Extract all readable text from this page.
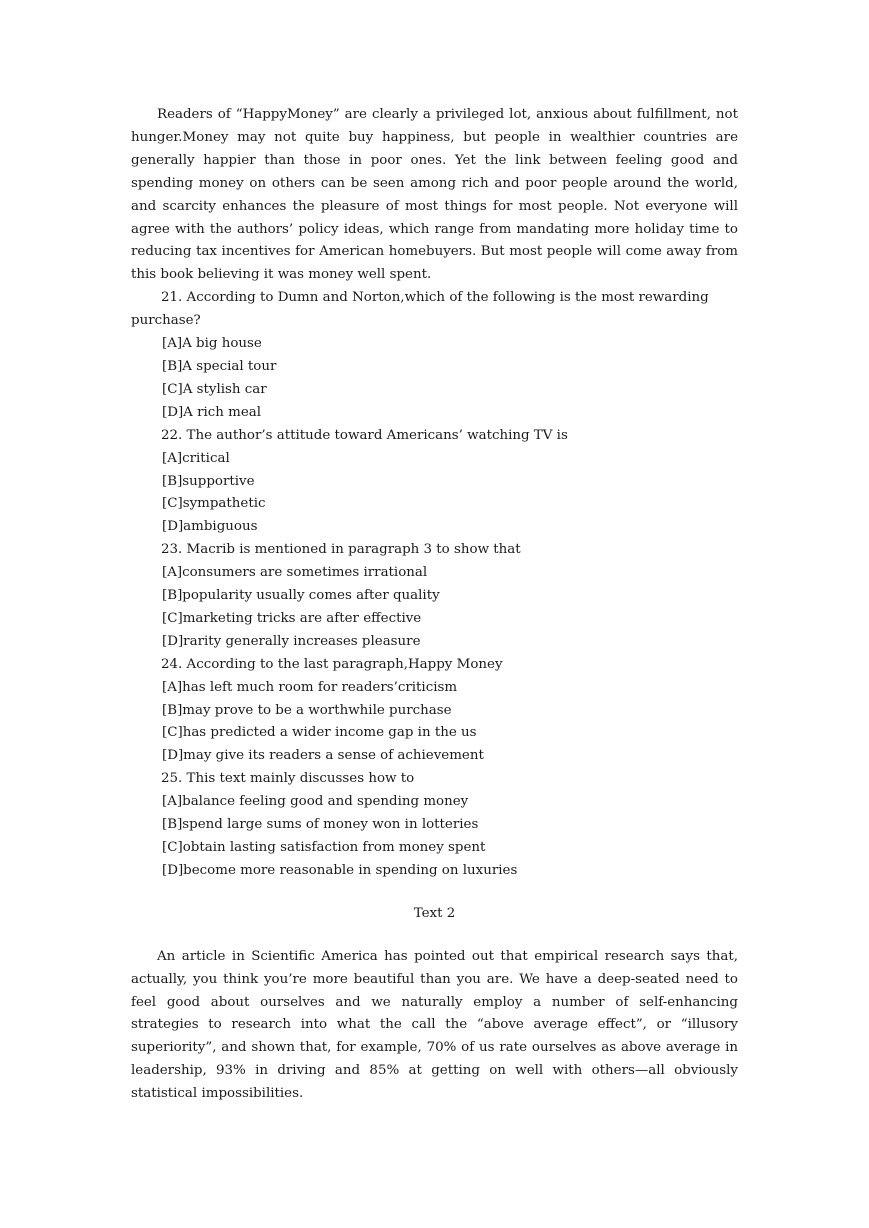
Readers of “HappyMoney” are clearly a privileged lot, anxious about fulfillment, not hunger.Money may not quite buy happiness, but people in wealthier countries are generally happier than those in poor ones. Yet the link between feeling good and spending money on others can be seen among rich and poor people around the world, and scarcity enhances the pleasure of most things for most people. Not everyone will agree with the authors’ policy ideas, which range from mandating more holiday time to reducing tax incentives for American homebuyers. But most people will come away from this book believing it was money well spent.

21. According to Dumn and Norton,which of the following is the most rewarding purchase?

[A]A big house
[B]A special tour
[C]A stylish car
[D]A rich meal

22. The author’s attitude toward Americans’ watching TV is

[A]critical
[B]supportive
[C]sympathetic
[D]ambiguous

23. Macrib is mentioned in paragraph 3 to show that

[A]consumers are sometimes irrational
[B]popularity usually comes after quality
[C]marketing tricks are after effective
[D]rarity generally increases pleasure

24. According to the last paragraph,Happy Money

[A]has left much room for readers’criticism
[B]may prove to be a worthwhile purchase
[C]has predicted a wider income gap in the us
[D]may give its readers a sense of achievement

25. This text mainly discusses how to

[A]balance feeling good and spending money
[B]spend large sums of money won in lotteries
[C]obtain lasting satisfaction from money spent
[D]become more reasonable in spending on luxuries
Text 2

An article in Scientific America has pointed out that empirical research says that, actually, you think you’re more beautiful than you are. We have a deep-seated need to feel good about ourselves and we naturally employ a number of self-enhancing strategies to research into what the call the “above average effect”, or “illusory superiority”, and shown that, for example, 70% of us rate ourselves as above average in leadership, 93% in driving and 85% at getting on well with others—all obviously statistical impossibilities.
